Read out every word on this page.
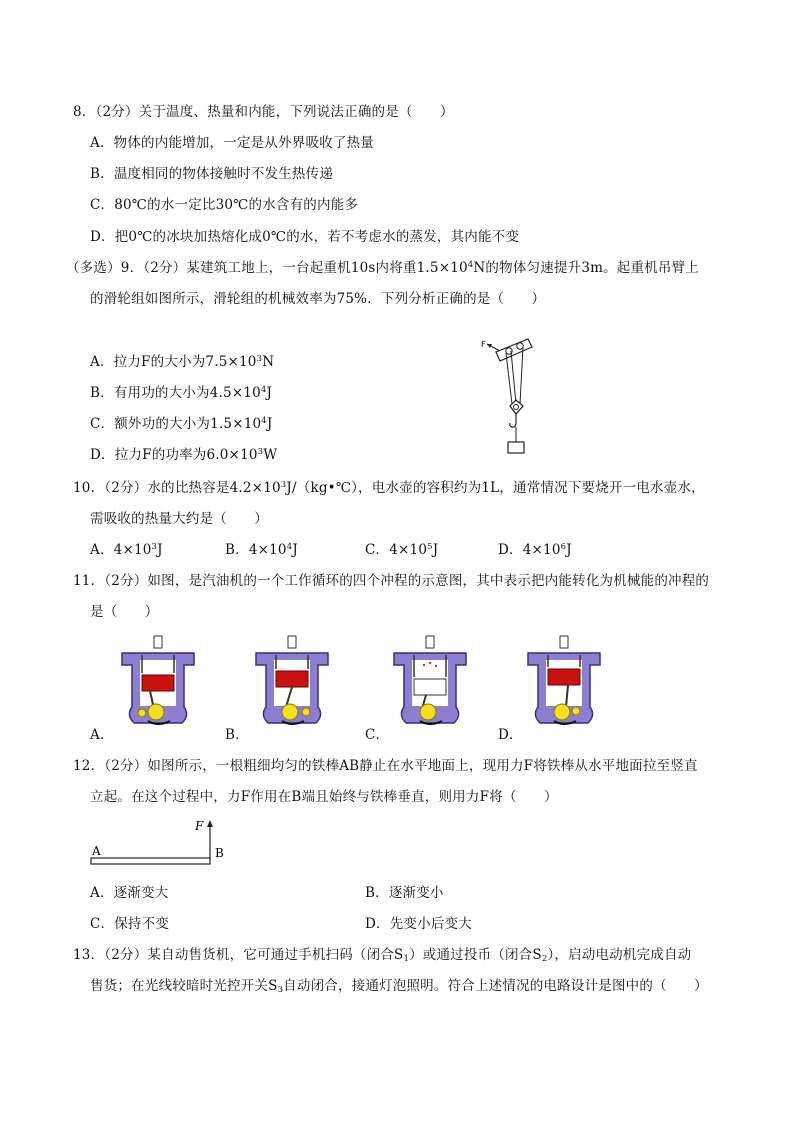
8．（2分）关于温度、热量和内能，下列说法正确的是（　　）
A．物体的内能增加，一定是从外界吸收了热量
B．温度相同的物体接触时不发生热传递
C．80℃的水一定比30℃的水含有的内能多
D．把0℃的冰块加热熔化成0℃的水，若不考虑水的蒸发，其内能不变
（多选）9．（2分）某建筑工地上，一台起重机10s内将重$1.5\times 10^4N$的物体匀速提升3m。起重机吊臂上
的滑轮组如图所示，滑轮组的机械效率为75%．下列分析正确的是（　　）
A．拉力F的大小为$7.5\times 10^3N$
B．有用功的大小为$4.5\times 10^4J$
C．额外功的大小为$1.5\times 10^4J$
D．拉力F的功率为$6.0\times 10^3W$
F
10．（2分）水的比热容是$4.2\times 10^3J/(kg•℃)$，电水壶的容积约为1L，通常情况下要烧开一电水壶水，
需吸收的热量大约是（　　）
A．$4\times 10^3J$	B．$4\times 10^4J$	C．$4\times 10^5J$	D．$4\times 10^6J$
11．（2分）如图，是汽油机的一个工作循环的四个冲程的示意图，其中表示把内能转化为机械能的冲程的
是（　　）
A．	B．	C．	D．
12．（2分）如图所示，一根粗细均匀的铁棒AB静止在水平地面上，现用力F将铁棒从水平地面拉至竖直
立起。在这个过程中，力F作用在B端且始终与铁棒垂直，则用力F将（　　）
F
A	B
A．逐渐变大	B．逐渐变小
C．保持不变	D．先变小后变大
13．（2分）某自动售货机，它可通过手机扫码（闭合$S_1$）或通过投币（闭合$S_2$），启动电动机完成自动
售货；在光线较暗时光控开关$S_3$自动闭合，接通灯泡照明。符合上述情况的电路设计是图中的（　　）
